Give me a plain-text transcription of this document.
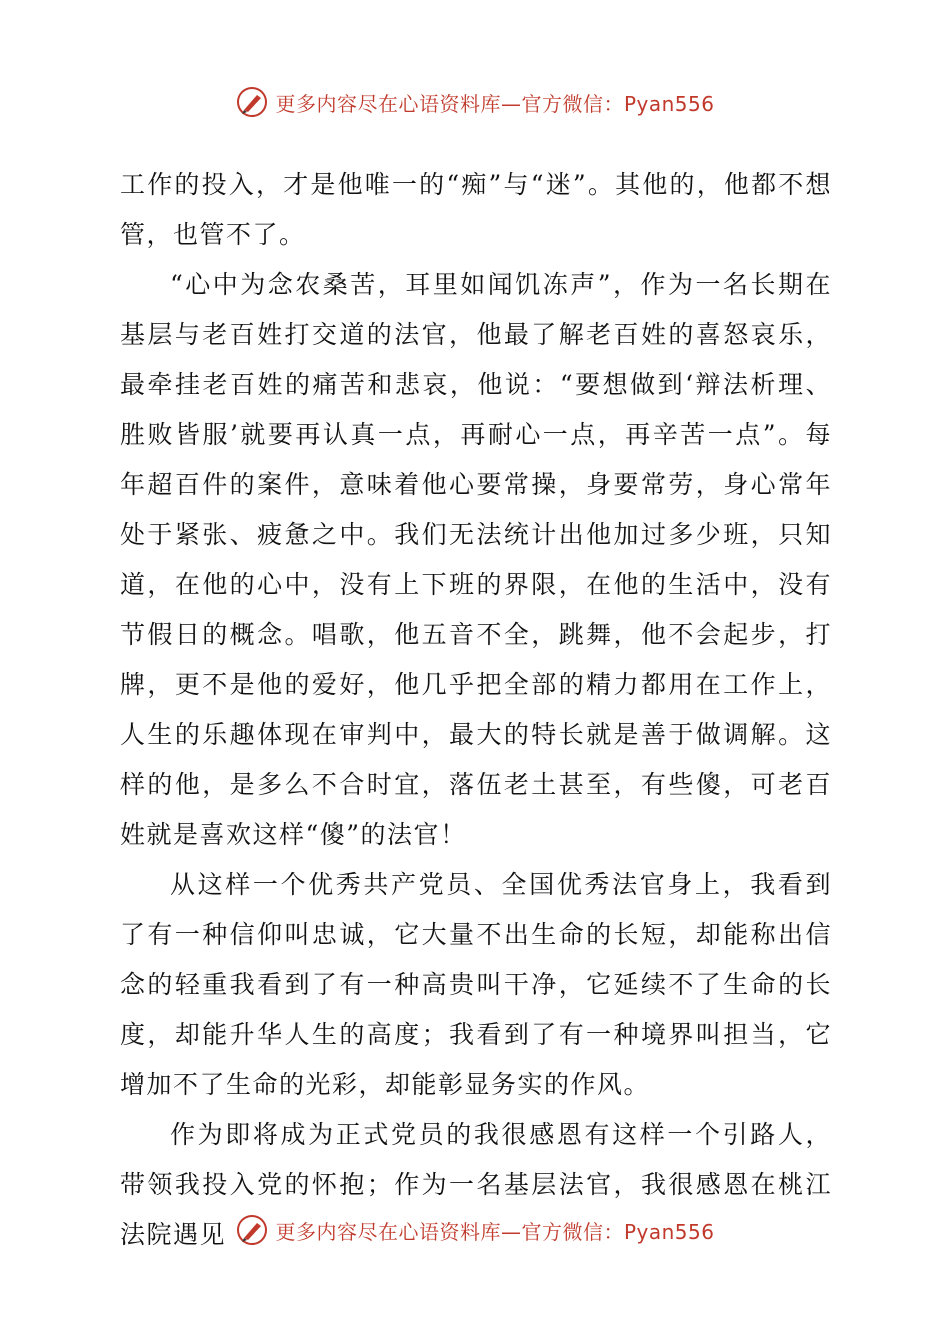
更多内容尽在心语资料库—官方微信：Pyan556

工作的投入，才是他唯一的“痴”与“迷”。其他的，他都不想管，也管不了。

“心中为念农桑苦，耳里如闻饥冻声”，作为一名长期在基层与老百姓打交道的法官，他最了解老百姓的喜怒哀乐，最牵挂老百姓的痛苦和悲哀，他说：“要想做到‘辩法析理、胜败皆服’就要再认真一点，再耐心一点，再辛苦一点”。每年超百件的案件，意味着他心要常操，身要常劳，身心常年处于紧张、疲惫之中。我们无法统计出他加过多少班，只知道，在他的心中，没有上下班的界限，在他的生活中，没有节假日的概念。唱歌，他五音不全，跳舞，他不会起步，打牌，更不是他的爱好，他几乎把全部的精力都用在工作上，人生的乐趣体现在审判中，最大的特长就是善于做调解。这样的他，是多么不合时宜，落伍老土甚至，有些傻，可老百姓就是喜欢这样“傻”的法官！

从这样一个优秀共产党员、全国优秀法官身上，我看到了有一种信仰叫忠诚，它大量不出生命的长短，却能称出信念的轻重我看到了有一种高贵叫干净，它延续不了生命的长度，却能升华人生的高度；我看到了有一种境界叫担当，它增加不了生命的光彩，却能彰显务实的作风。

作为即将成为正式党员的我很感恩有这样一个引路人，带领我投入党的怀抱；作为一名基层法官，我很感恩在桃江法院遇见	更多内容尽在心语资料库—官方微信：Pyan556
